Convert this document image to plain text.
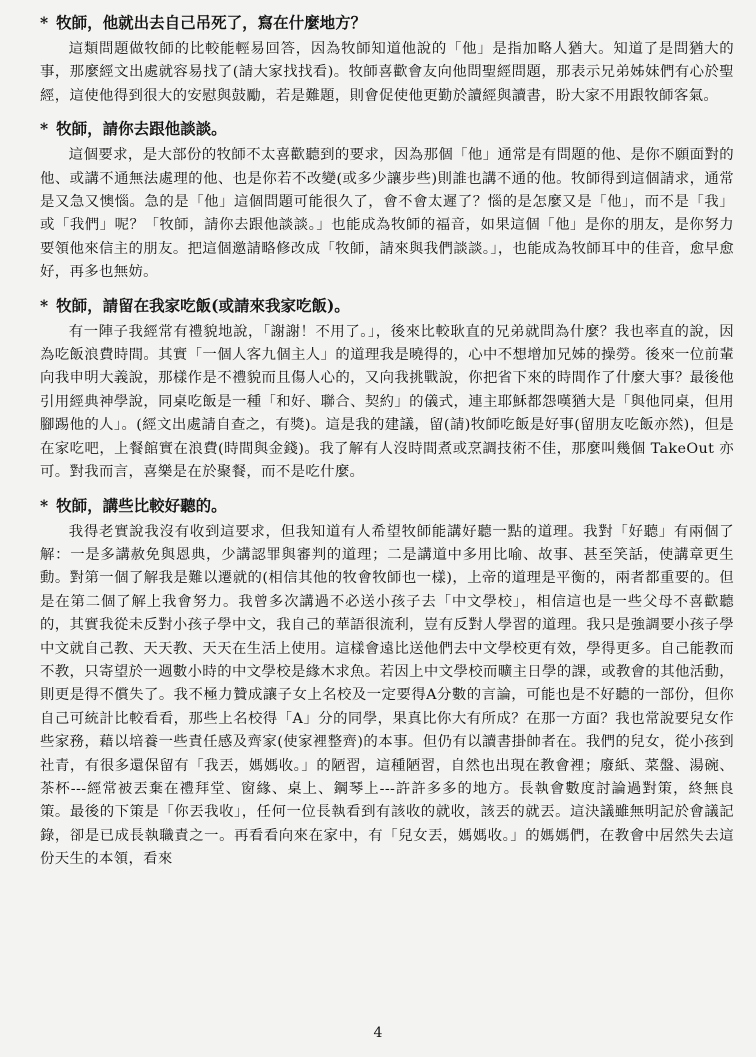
* 牧師，他就出去自己吊死了，寫在什麼地方？

這類問題做牧師的比較能輕易回答，因為牧師知道他說的「他」是指加略人猶大。知道了是問猶大的事，那麼經文出處就容易找了(請大家找找看)。牧師喜歡會友向他問聖經問題，那表示兄弟姊妹們有心於聖經，這使他得到很大的安慰與鼓勵，若是難題，則會促使他更勤於讀經與讀書，盼大家不用跟牧師客氣。

* 牧師，請你去跟他談談。

這個要求，是大部份的牧師不太喜歡聽到的要求，因為那個「他」通常是有問題的他、是你不願面對的他、或講不通無法處理的他、也是你若不改變(或多少讓步些)則誰也講不通的他。牧師得到這個請求，通常是又急又懊惱。急的是「他」這個問題可能很久了，會不會太遲了？惱的是怎麼又是「他」，而不是「我」或「我們」呢？「牧師，請你去跟他談談。」也能成為牧師的福音，如果這個「他」是你的朋友，是你努力要領他來信主的朋友。把這個邀請略修改成「牧師，請來與我們談談。」，也能成為牧師耳中的佳音，愈早愈好，再多也無妨。

* 牧師，請留在我家吃飯(或請來我家吃飯)。

有一陣子我經常有禮貌地說，「謝謝！不用了。」，後來比較耿直的兄弟就問為什麼？我也率直的說，因為吃飯浪費時間。其實「一個人客九個主人」的道理我是曉得的，心中不想增加兄姊的操勞。後來一位前輩向我申明大義說，那樣作是不禮貌而且傷人心的，又向我挑戰說，你把省下來的時間作了什麼大事？最後他引用經典神學說，同桌吃飯是一種「和好、聯合、契約」的儀式，連主耶穌都怨嘆猶大是「與他同桌，但用腳踢他的人」。(經文出處請自查之，有獎)。這是我的建議，留(請)牧師吃飯是好事(留朋友吃飯亦然)，但是在家吃吧，上餐館實在浪費(時間與金錢)。我了解有人沒時間煮或烹調技術不佳，那麼叫幾個 TakeOut 亦可。對我而言，喜樂是在於聚餐，而不是吃什麼。

* 牧師，講些比較好聽的。

我得老實說我沒有收到這要求，但我知道有人希望牧師能講好聽一點的道理。我對「好聽」有兩個了解：一是多講赦免與恩典，少講認罪與審判的道理；二是講道中多用比喻、故事、甚至笑話，使講章更生動。對第一個了解我是難以遷就的(相信其他的牧會牧師也一樣)，上帝的道理是平衡的，兩者都重要的。但是在第二個了解上我會努力。我曾多次講過不必送小孩子去「中文學校」，相信這也是一些父母不喜歡聽的，其實我從未反對小孩子學中文，我自己的華語很流利，豈有反對人學習的道理。我只是強調要小孩子學中文就自己教、天天教、天天在生活上使用。這樣會遠比送他們去中文學校更有效，學得更多。自己能教而不教，只寄望於一週數小時的中文學校是緣木求魚。若因上中文學校而曠主日學的課，或教會的其他活動，則更是得不償失了。我不極力贊成讓子女上名校及一定要得A分數的言論，可能也是不好聽的一部份，但你自己可統計比較看看，那些上名校得「A」分的同學，果真比你大有所成？在那一方面？我也常說要兒女作些家務，藉以培養一些責任感及齊家(使家裡整齊)的本事。但仍有以讀書掛帥者在。我們的兒女，從小孩到社青，有很多還保留有「我丟，媽媽收。」的陋習，這種陋習，自然也出現在教會裡；廢紙、菜盤、湯碗、茶杯---經常被丟棄在禮拜堂、窗緣、桌上、鋼琴上---許許多多的地方。長執會數度討論過對策，終無良策。最後的下策是「你丟我收」，任何一位長執看到有該收的就收，該丟的就丟。這決議雖無明記於會議記錄，卻是已成長執職責之一。再看看向來在家中，有「兒女丟，媽媽收。」的媽媽們，在教會中居然失去這份天生的本領，看來

4
